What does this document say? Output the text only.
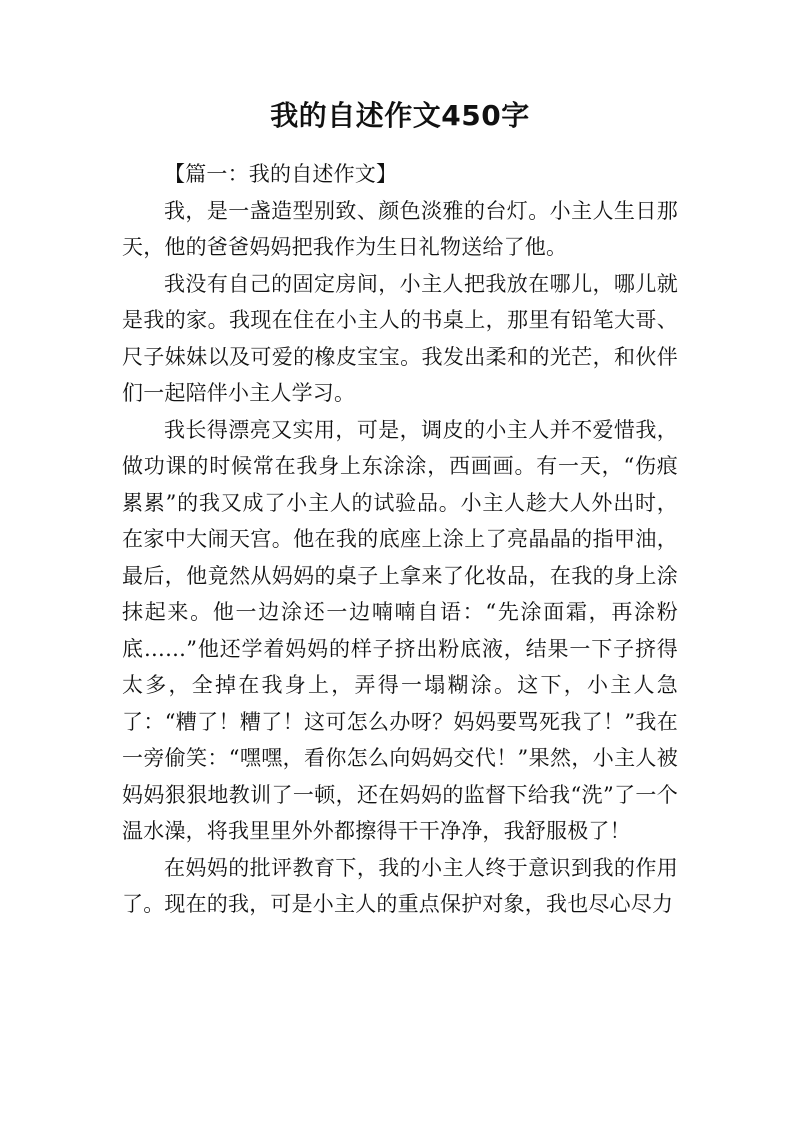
我的自述作文450字

【篇一：我的自述作文】

我，是一盏造型别致、颜色淡雅的台灯。小主人生日那天，他的爸爸妈妈把我作为生日礼物送给了他。

我没有自己的固定房间，小主人把我放在哪儿，哪儿就是我的家。我现在住在小主人的书桌上，那里有铅笔大哥、尺子妹妹以及可爱的橡皮宝宝。我发出柔和的光芒，和伙伴们一起陪伴小主人学习。

我长得漂亮又实用，可是，调皮的小主人并不爱惜我，做功课的时候常在我身上东涂涂，西画画。有一天，“伤痕累累”的我又成了小主人的试验品。小主人趁大人外出时，在家中大闹天宫。他在我的底座上涂上了亮晶晶的指甲油，最后，他竟然从妈妈的桌子上拿来了化妆品，在我的身上涂抹起来。他一边涂还一边喃喃自语：“先涂面霜，再涂粉底……”他还学着妈妈的样子挤出粉底液，结果一下子挤得太多，全掉在我身上，弄得一塌糊涂。这下，小主人急了：“糟了！糟了！这可怎么办呀？妈妈要骂死我了！”我在一旁偷笑：“嘿嘿，看你怎么向妈妈交代！”果然，小主人被妈妈狠狠地教训了一顿，还在妈妈的监督下给我“洗”了一个温水澡，将我里里外外都擦得干干净净，我舒服极了！

在妈妈的批评教育下，我的小主人终于意识到我的作用了。现在的我，可是小主人的重点保护对象，我也尽心尽力
